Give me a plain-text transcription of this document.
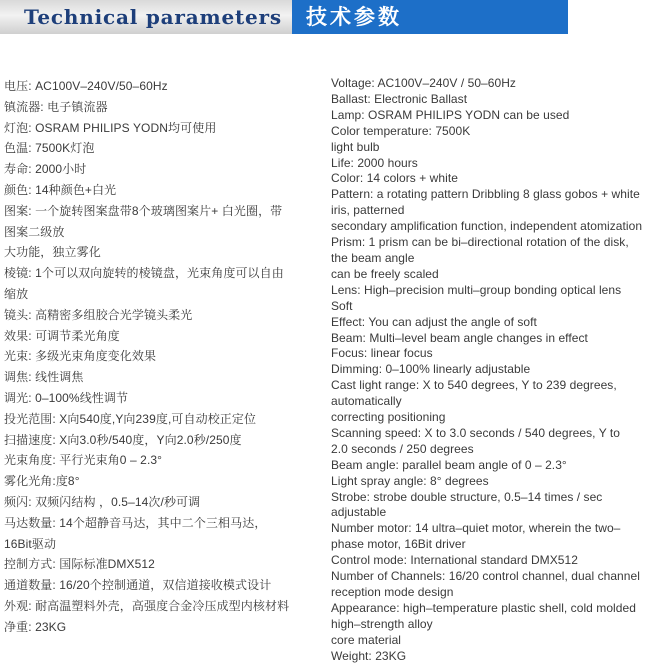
Technical parameters	技术参数
电压: AC100V–240V/50–60Hz
镇流器: 电子镇流器
灯泡: OSRAM PHILIPS YODN均可使用
色温: 7500K灯泡
寿命: 2000小时
颜色: 14种颜色+白光
图案: 一个旋转图案盘带8个玻璃图案片+ 白光圈，带
图案二级放
大功能，独立雾化
棱镜: 1个可以双向旋转的棱镜盘，光束角度可以自由
缩放
镜头: 高精密多组胶合光学镜头柔光
效果: 可调节柔光角度
光束: 多级光束角度变化效果
调焦: 线性调焦
调光: 0–100%线性调节
投光范围: X向540度,Y向239度,可自动校正定位
扫描速度: X向3.0秒/540度，Y向2.0秒/250度
光束角度: 平行光束角0 – 2.3°
雾化光角:度8°
频闪: 双频闪结构 ，0.5–14次/秒可调
马达数量: 14个超静音马达，其中二个三相马达，
16Bit驱动
控制方式: 国际标准DMX512
通道数量: 16/20个控制通道，双信道接收模式设计
外观: 耐高温塑料外壳，高强度合金冷压成型内核材料
净重: 23KG
Voltage: AC100V–240V / 50–60Hz
Ballast: Electronic Ballast
Lamp: OSRAM PHILIPS YODN can be used
Color temperature: 7500K
light bulb
Life: 2000 hours
Color: 14 colors + white
Pattern: a rotating pattern Dribbling 8 glass gobos + white
iris, patterned
secondary amplification function, independent atomization
Prism: 1 prism can be bi–directional rotation of the disk,
the beam angle
can be freely scaled
Lens: High–precision multi–group bonding optical lens
Soft
Effect: You can adjust the angle of soft
Beam: Multi–level beam angle changes in effect
Focus: linear focus
Dimming: 0–100% linearly adjustable
Cast light range: X to 540 degrees, Y to 239 degrees,
automatically
correcting positioning
Scanning speed: X to 3.0 seconds / 540 degrees, Y to
2.0 seconds / 250 degrees
Beam angle: parallel beam angle of 0 – 2.3°
Light spray angle: 8° degrees
Strobe: strobe double structure, 0.5–14 times / sec
adjustable
Number motor: 14 ultra–quiet motor, wherein the two–
phase motor, 16Bit driver
Control mode: International standard DMX512
Number of Channels: 16/20 control channel, dual channel
reception mode design
Appearance: high–temperature plastic shell, cold molded
high–strength alloy
core material
Weight: 23KG
